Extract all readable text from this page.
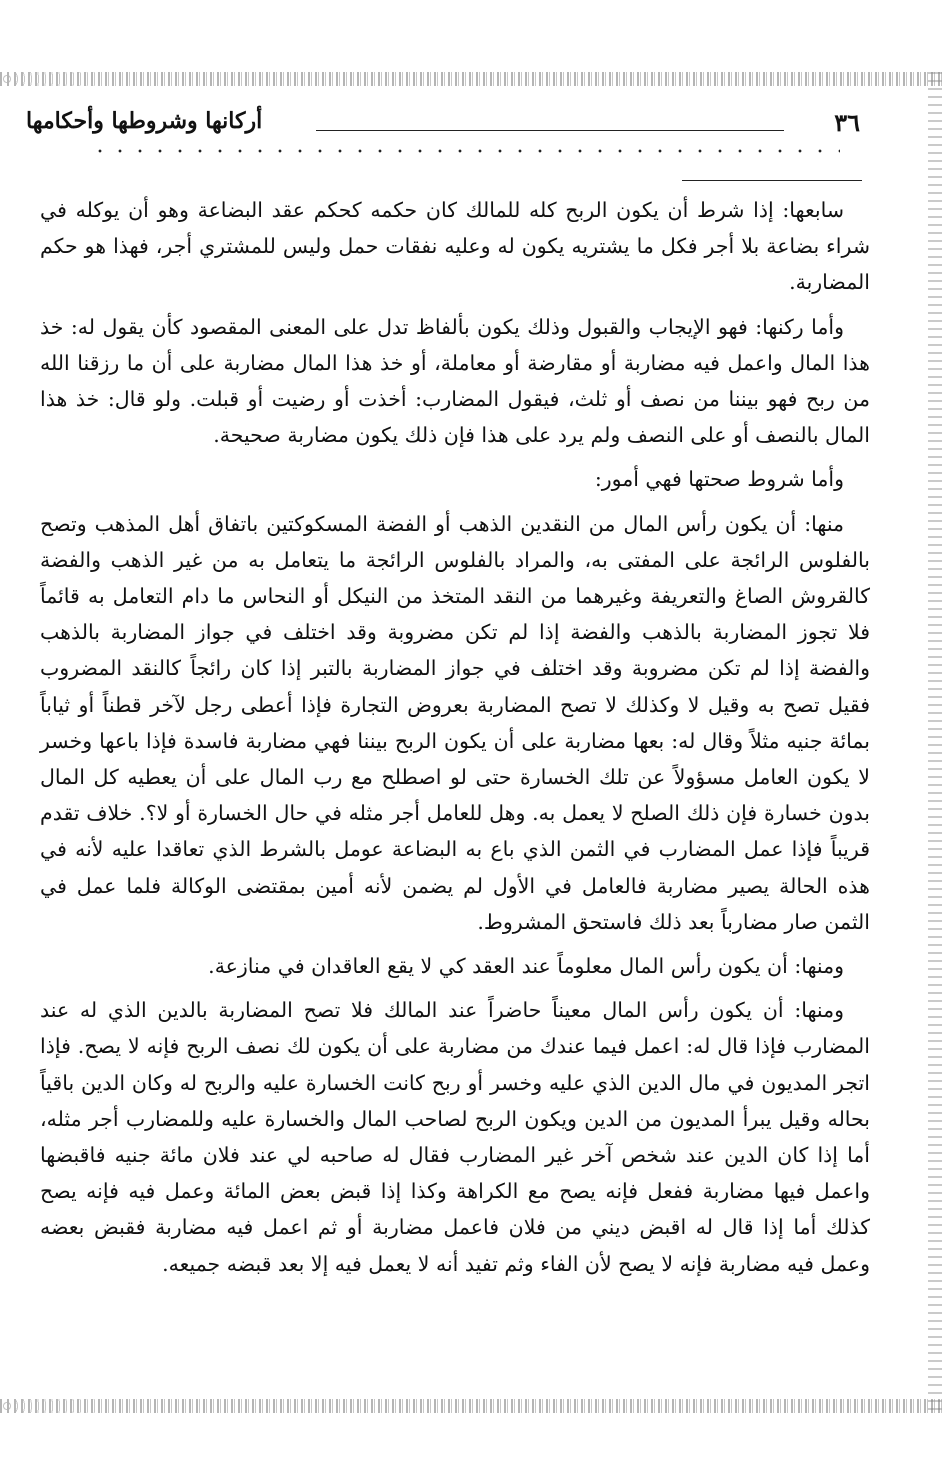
٣٦
أركانها وشروطها وأحكامها

سابعها: إذا شرط أن يكون الربح كله للمالك كان حكمه كحكم عقد البضاعة وهو أن يوكله في شراء بضاعة بلا أجر فكل ما يشتريه يكون له وعليه نفقات حمل وليس للمشتري أجر، فهذا هو حكم المضاربة.

وأما ركنها: فهو الإيجاب والقبول وذلك يكون بألفاظ تدل على المعنى المقصود كأن يقول له: خذ هذا المال واعمل فيه مضاربة أو مقارضة أو معاملة، أو خذ هذا المال مضاربة على أن ما رزقنا الله من ربح فهو بيننا من نصف أو ثلث، فيقول المضارب: أخذت أو رضيت أو قبلت. ولو قال: خذ هذا المال بالنصف أو على النصف ولم يرد على هذا فإن ذلك يكون مضاربة صحيحة.

وأما شروط صحتها فهي أمور:

منها: أن يكون رأس المال من النقدين الذهب أو الفضة المسكوكتين باتفاق أهل المذهب وتصح بالفلوس الرائجة على المفتى به، والمراد بالفلوس الرائجة ما يتعامل به من غير الذهب والفضة كالقروش الصاغ والتعريفة وغيرهما من النقد المتخذ من النيكل أو النحاس ما دام التعامل به قائماً فلا تجوز المضاربة بالذهب والفضة إذا لم تكن مضروبة وقد اختلف في جواز المضاربة بالذهب والفضة إذا لم تكن مضروبة وقد اختلف في جواز المضاربة بالتبر إذا كان رائجاً كالنقد المضروب فقيل تصح به وقيل لا وكذلك لا تصح المضاربة بعروض التجارة فإذا أعطى رجل لآخر قطناً أو ثياباً بمائة جنيه مثلاً وقال له: بعها مضاربة على أن يكون الربح بيننا فهي مضاربة فاسدة فإذا باعها وخسر لا يكون العامل مسؤولاً عن تلك الخسارة حتى لو اصطلح مع رب المال على أن يعطيه كل المال بدون خسارة فإن ذلك الصلح لا يعمل به. وهل للعامل أجر مثله في حال الخسارة أو لا؟. خلاف تقدم قريباً فإذا عمل المضارب في الثمن الذي باع به البضاعة عومل بالشرط الذي تعاقدا عليه لأنه في هذه الحالة يصير مضاربة فالعامل في الأول لم يضمن لأنه أمين بمقتضى الوكالة فلما عمل في الثمن صار مضارباً بعد ذلك فاستحق المشروط.

ومنها: أن يكون رأس المال معلوماً عند العقد كي لا يقع العاقدان في منازعة.

ومنها: أن يكون رأس المال معيناً حاضراً عند المالك فلا تصح المضاربة بالدين الذي له عند المضارب فإذا قال له: اعمل فيما عندك من مضاربة على أن يكون لك نصف الربح فإنه لا يصح. فإذا اتجر المديون في مال الدين الذي عليه وخسر أو ربح كانت الخسارة عليه والربح له وكان الدين باقياً بحاله وقيل يبرأ المديون من الدين ويكون الربح لصاحب المال والخسارة عليه وللمضارب أجر مثله، أما إذا كان الدين عند شخص آخر غير المضارب فقال له صاحبه لي عند فلان مائة جنيه فاقبضها واعمل فيها مضاربة ففعل فإنه يصح مع الكراهة وكذا إذا قبض بعض المائة وعمل فيه فإنه يصح كذلك أما إذا قال له اقبض ديني من فلان فاعمل مضاربة أو ثم اعمل فيه مضاربة فقبض بعضه وعمل فيه مضاربة فإنه لا يصح لأن الفاء وثم تفيد أنه لا يعمل فيه إلا بعد قبضه جميعه.
